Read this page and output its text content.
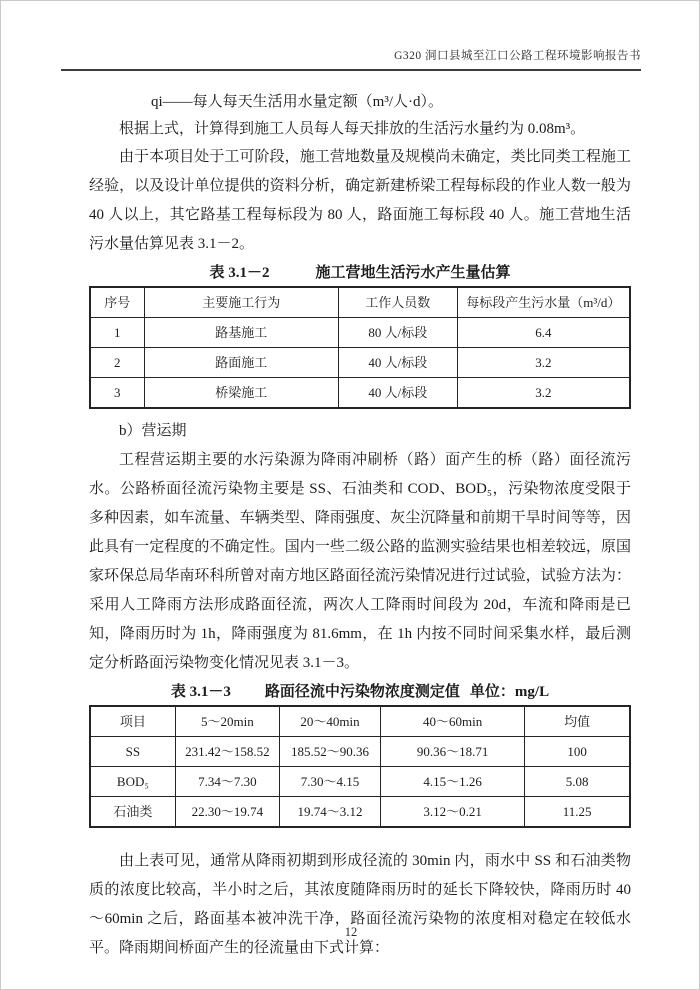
G320 洞口县城至江口公路工程环境影响报告书

qi——每人每天生活用水量定额（m³/人·d）。

根据上式，计算得到施工人员每人每天排放的生活污水量约为 0.08m³。

由于本项目处于工可阶段，施工营地数量及规模尚未确定，类比同类工程施工经验，以及设计单位提供的资料分析，确定新建桥梁工程每标段的作业人数一般为 40 人以上，其它路基工程每标段为 80 人，路面施工每标段 40 人。施工营地生活污水量估算见表 3.1－2。

表 3.1－2	施工营地生活污水产生量估算
序号	主要施工行为	工作人员数	每标段产生污水量（m³/d）
1	路基施工	80 人/标段	6.4
2	路面施工	40 人/标段	3.2
3	桥梁施工	40 人/标段	3.2

b）营运期

工程营运期主要的水污染源为降雨冲刷桥（路）面产生的桥（路）面径流污水。公路桥面径流污染物主要是 SS、石油类和 COD、BOD₅，污染物浓度受限于多种因素，如车流量、车辆类型、降雨强度、灰尘沉降量和前期干旱时间等等，因此具有一定程度的不确定性。国内一些二级公路的监测实验结果也相差较远，原国家环保总局华南环科所曾对南方地区路面径流污染情况进行过试验，试验方法为：采用人工降雨方法形成路面径流，两次人工降雨时间段为 20d，车流和降雨是已知，降雨历时为 1h，降雨强度为 81.6mm，在 1h 内按不同时间采集水样，最后测定分析路面污染物变化情况见表 3.1－3。

表 3.1－3 路面径流中污染物浓度测定值 单位：mg/L
项目	5～20min	20～40min	40～60min	均值
SS	231.42～158.52	185.52～90.36	90.36～18.71	100
BOD₅	7.34～7.30	7.30～4.15	4.15～1.26	5.08
石油类	22.30～19.74	19.74～3.12	3.12～0.21	11.25

由上表可见，通常从降雨初期到形成径流的 30min 内，雨水中 SS 和石油类物质的浓度比较高，半小时之后，其浓度随降雨历时的延长下降较快，降雨历时 40～60min 之后，路面基本被冲洗干净，路面径流污染物的浓度相对稳定在较低水平。降雨期间桥面产生的径流量由下式计算：

12
